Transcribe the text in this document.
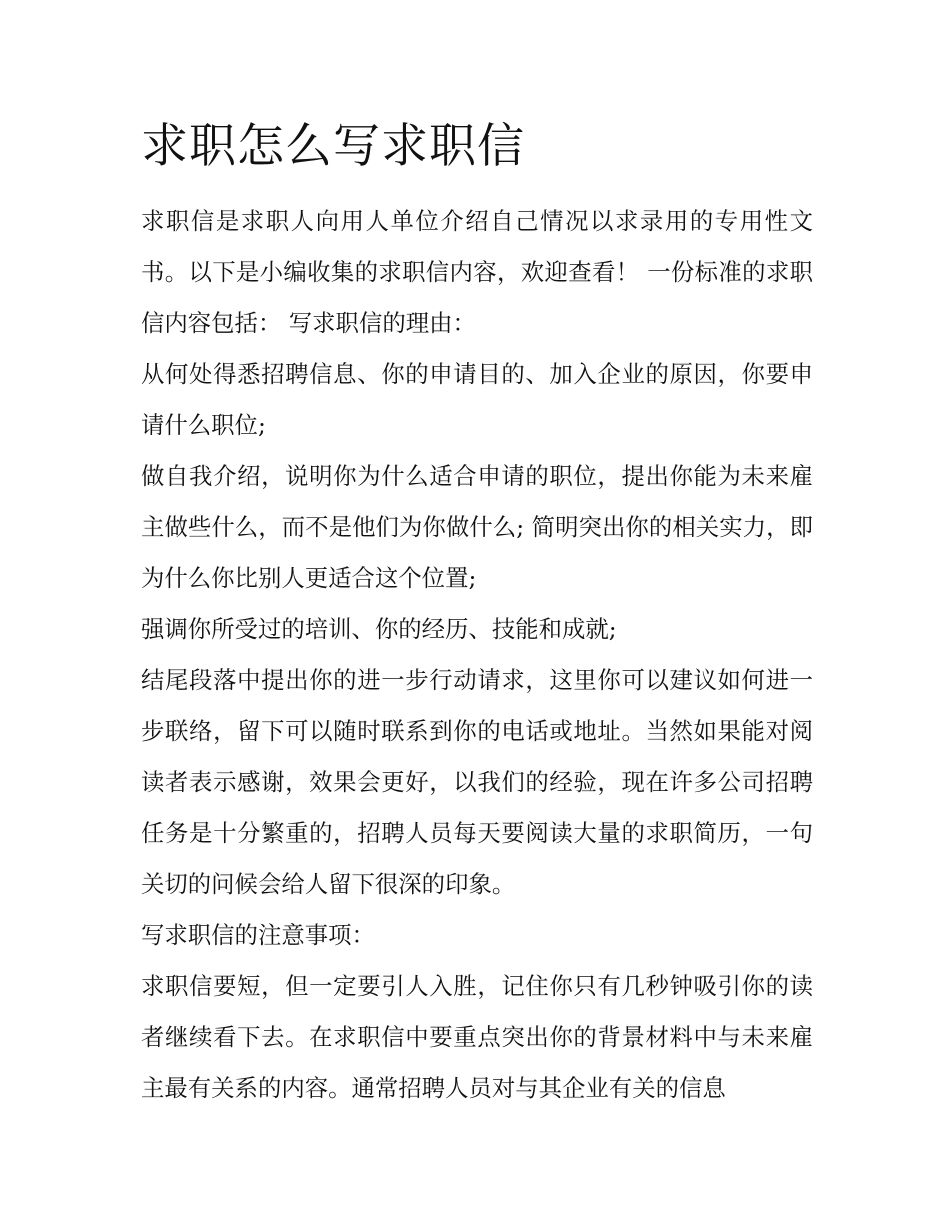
求职怎么写求职信

求职信是求职人向用人单位介绍自己情况以求录用的专用性文书。以下是小编收集的求职信内容，欢迎查看！ 一份标准的求职信内容包括： 写求职信的理由：

从何处得悉招聘信息、你的申请目的、加入企业的原因，你要申请什么职位;

做自我介绍，说明你为什么适合申请的职位，提出你能为未来雇主做些什么，而不是他们为你做什么; 简明突出你的相关实力，即为什么你比别人更适合这个位置;

强调你所受过的培训、你的经历、技能和成就;

结尾段落中提出你的进一步行动请求，这里你可以建议如何进一步联络，留下可以随时联系到你的电话或地址。当然如果能对阅读者表示感谢，效果会更好，以我们的经验，现在许多公司招聘任务是十分繁重的，招聘人员每天要阅读大量的求职简历，一句关切的问候会给人留下很深的印象。

写求职信的注意事项：

求职信要短，但一定要引人入胜，记住你只有几秒钟吸引你的读者继续看下去。在求职信中要重点突出你的背景材料中与未来雇主最有关系的内容。通常招聘人员对与其企业有关的信息
